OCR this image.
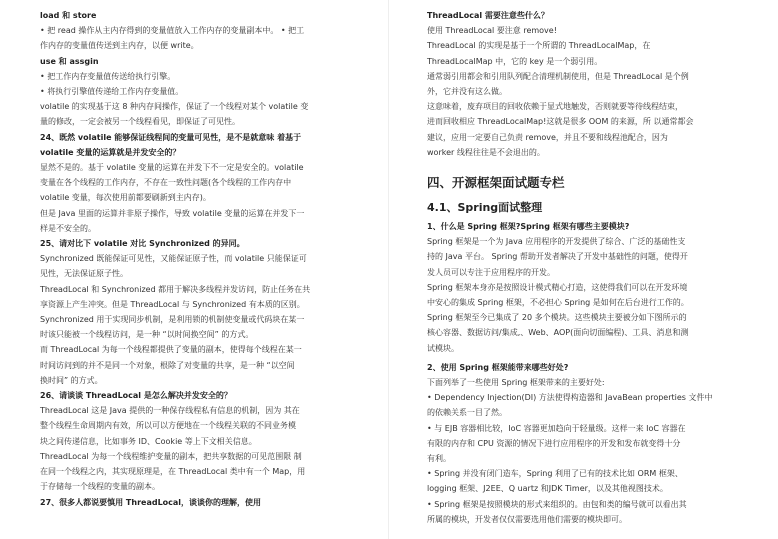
load 和 store

• 把 read 操作从主内存得到的变量值放入工作内存的变量副本中。 • 把工

作内存的变量值传送到主内存，以便 write。

use 和 assgin

• 把工作内存变量值传送给执行引擎。

• 将执行引擎值传递给工作内存变量值。

volatile 的实现基于这 8 种内存间操作，保证了一个线程对某个 volatile 变

量的修改，一定会被另一个线程看见，即保证了可见性。

24、既然 volatile 能够保证线程间的变量可见性，是不是就意味 着基于

volatile 变量的运算就是并发安全的？

显然不是的。基于 volatile 变量的运算在并发下不一定是安全的。volatile

变量在各个线程的工作内存，不存在一致性问题(各个线程的工作内存中

volatile 变量，每次使用前都要刷新到主内存)。

但是 Java 里面的运算并非原子操作，导致 volatile 变量的运算在并发下一

样是不安全的。

25、请对比下 volatile 对比 Synchronized 的异同。

Synchronized 既能保证可见性，又能保证原子性，而 volatile 只能保证可

见性，无法保证原子性。

ThreadLocal 和 Synchronized 都用于解决多线程并发访问，防止任务在共

享资源上产生冲突。但是 ThreadLocal 与 Synchronized 有本质的区别。

Synchronized 用于实现同步机制，是利用锁的机制使变量或代码块在某一

时该只能被一个线程访问，是一种 “以时间换空间” 的方式。

而 ThreadLocal 为每一个线程都提供了变量的副本，使得每个线程在某一

时间访问到的并不是同一个对象，根除了对变量的共享，是一种 “以空间

换时间” 的方式。

26、请谈谈 ThreadLocal 是怎么解决并发安全的？

ThreadLocal 这是 Java 提供的一种保存线程私有信息的机制，因为 其在

整个线程生命周期内有效，所以可以方便地在一个线程关联的不同业务模

块之间传递信息，比如事务 ID、Cookie 等上下文相关信息。

ThreadLocal 为每一个线程维护变量的副本，把共享数据的可见范围限 制

在同一个线程之内，其实现原理是，在 ThreadLocal 类中有一个 Map，用

于存储每一个线程的变量的副本。

27、很多人都说要慎用 ThreadLocal，谈谈你的理解，使用

ThreadLocal 需要注意些什么？

使用 ThreadLocal 要注意 remove!

ThreadLocal 的实现是基于一个所谓的 ThreadLocalMap，在

ThreadLocalMap 中，它的 key 是一个弱引用。

通常弱引用都会和引用队列配合清理机制使用，但是 ThreadLocal 是个例

外，它并没有这么做。

这意味着，废弃项目的回收依赖于显式地触发，否则就要等待线程结束，

进而回收相应 ThreadLocalMap!这就是很多 OOM 的来源，所 以通常都会

建议，应用一定要自己负责 remove，并且不要和线程池配合，因为

worker 线程往往是不会退出的。

四、开源框架面试题专栏
4.1、Spring面试整理

1、什么是 Spring 框架?Spring 框架有哪些主要模块?

Spring 框架是一个为 Java 应用程序的开发提供了综合、广泛的基础性支

持的 Java 平台。 Spring 帮助开发者解决了开发中基础性的问题，使得开

发人员可以专注于应用程序的开发。

Spring 框架本身亦是按照设计模式精心打造，这使得我们可以在开发环境

中安心的集成 Spring 框架，不必担心 Spring 是如何在后台进行工作的。

Spring 框架至今已集成了 20 多个模块。这些模块主要被分如下图所示的

核心容器、数据访问/集成,、Web、AOP(面向切面编程)、工具、消息和测

试模块。

2、使用 Spring 框架能带来哪些好处?

下面列举了一些使用 Spring 框架带来的主要好处:

• Dependency Injection(DI) 方法使得构造器和 JavaBean properties 文件中

的依赖关系一目了然。

• 与 EJB 容器相比较，IoC 容器更加趋向于轻量级。这样一来 IoC 容器在

有限的内存和 CPU 资源的情况下进行应用程序的开发和发布就变得十分

有利。

• Spring 并没有闭门造车，Spring 利用了已有的技术比如 ORM 框架、

logging 框架、J2EE、Q uartz 和JDK Timer，以及其他视图技术。

• Spring 框架是按照模块的形式来组织的。由包和类的编号就可以看出其

所属的模块，开发者仅仅需要选用他们需要的模块即可。
